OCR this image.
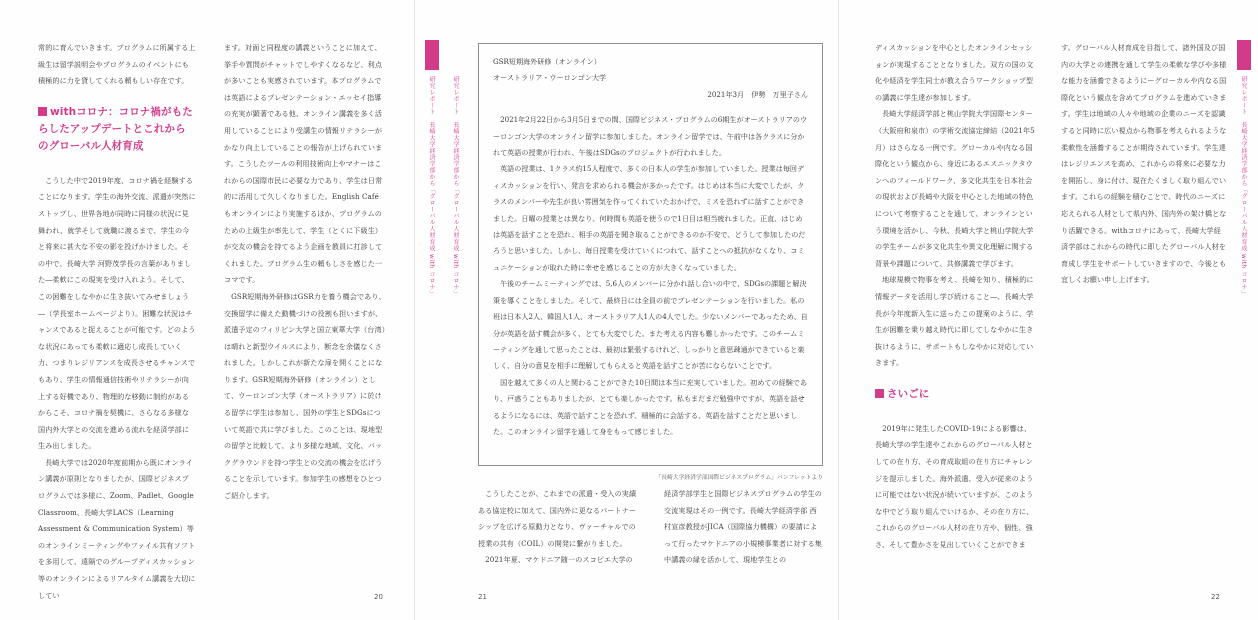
常的に育んでいきます。プログラムに所属する上級生は留学説明会やプログラムのイベントにも積極的に力を貸してくれる頼もしい存在です。

withコロナ：コロナ禍がもたらしたアップデートとこれからのグローバル人材育成

こうした中で2019年度、コロナ禍を経験することになります。学生の海外交流、派遣が突然にストップし、世界各地が同時に同様の状況に見舞われ、就学そして就職に渡るまで、学生の今と将来に甚大な不安の影を投げかけました。その中で、長崎大学 河野茂学長の言葉がありました―柔軟にこの現実を受け入れよう。そして、この困難をしなやかに生き抜いてみせましょう―（学長室ホームページより）。困難な状況はチャンスであると捉えることが可能です。どのような状況にあっても柔軟に適応し成長していく力、つまりレジリアンスを成長させるチャンスでもあり、学生の情報通信技術やリテラシーが向上する好機であり、物理的な移動に制約があるからこそ、コロナ禍を契機に、さらなる多様な国内外大学との交流を進める流れを経済学部に生み出しました。

長崎大学では2020年度前期から既にオンライン講義が原則となりましたが、国際ビジネスプログラムでは多様に、Zoom、Padlet、Google Classroom、長崎大学LACS（Learning Assessment & Communication System）等のオンラインミーティングやファイル共有ソフトを多用して、遠隔でのグループディスカッション等のオンラインによるリアルタイム講義を大切にしてい

ます。対面と同程度の講義ということに加えて、挙手や質問がチャットでしやすくなるなど、利点が多いことも実感されています。本プログラムでは英語によるプレゼンテーション・エッセイ指導の充実が顕著である他、オンライン講義を多く活用していることにより受講生の情報リテラシーがかなり向上していることの報告が上げられています。こうしたツールの利用技術向上やマナーはこれからの国際市民に必要な力であり、学生は日常的に活用して久しくなりました。English Caféもオンラインにより実施するほか、プログラムのための上級生が率先して、学生（とくに下級生）が交友の機会を持てるよう企画を教員に打診してくれました。プログラム生の頼もしさを感じた一コマです。

GSR短期海外研修はGSR力を養う機会であり、交換留学に備えた動機づけの役割も担いますが、派遣予定のフィリピン大学と国立東華大学（台湾）は晴れと新型ウイルスにより、断念を余儀なくされました。しかしこれが新たな扉を開くことになります。GSR短期海外研修（オンライン）として、ウーロンゴン大学（オーストラリア）に於ける留学に学生は参加し、国外の学生とSDGsについて英語で共に学びました。このことは、現地型の留学と比較して、より多様な地域、文化、バックグラウンドを持つ学生との交流の機会を広げうることを示しています。参加学生の感想をひとつご紹介します。

20
研究レポート　長崎大学経済学部から「グローバル人材育成 with コロナ」	研究レポート　長崎大学経済学部から「グローバル人材育成 with コロナ」
21

GSR短期海外研修（オンライン）

オーストラリア・ウーロンゴン大学

2021年3月　伊勢　万里子さん

2021年2月22日から3月5日までの間、国際ビジネス・プログラムの6期生がオーストラリアのウーロンゴン大学のオンライン留学に参加しました。オンライン留学では、午前中は各クラスに分かれて英語の授業が行われ、午後はSDGsのプロジェクトが行われました。

英語の授業は、1クラス約15人程度で、多くの日本人の学生が参加していました。授業は毎回ディスカッションを行い、発言を求められる機会が多かったです。はじめは本当に大変でしたが、クラスのメンバーや先生が良い雰囲気を作ってくれていたおかげで、ミスを恐れずに話すことができました。日曜の授業とは異なり、何時間も英語を使うので1日目は相当疲れました。正直、はじめは英語を話すことを恐れ、相手の英語を聞き取ることができるのか不安で、どうして参加したのだろうと思いました。しかし、毎日授業を受けていくにつれて、話すことへの抵抗がなくなり、コミュニケーションが取れた時に幸せを感じることの方が大きくなっていました。

午後のチームミーティングでは、5,6人のメンバーに分かれ話し合いの中で、SDGsの課題と解決策を導くことをしました。そして、最終日には全員の前でプレゼンテーションを行いました。私の班は日本人2人、韓国人1人、オーストラリア人1人の4人でした。少ないメンバーであったため、自分が英語を話す機会が多く、とても大変でした。また考える内容も難しかったです。このチームミーティングを通して思ったことは、最初は緊張するけれど、しっかりと意思疎通ができていると楽しく、自分の意見を相手に理解してもらえると英語を話すことが苦にならないことです。

国を越えて多くの人と関わることができた10日間は本当に充実していました。初めての経験であり、戸惑うこともありましたが、とても楽しかったです。私もまだまだ勉強中ですが、英語を話せるようになるには、英語で話すことを恐れず、積極的に会話する、英語を話すことだと思いました。このオンライン留学を通して身をもって感じました。

「長崎大学経済学部国際ビジネスプログラム」パンフレットより

こうしたことが、これまでの派遣・受入の実績ある協定校に加えて、国内外に更なるパートナーシップを広げる原動力となり、ヴァーチャルでの授業の共有（COIL）の開発に繋がりました。

2021年夏、マケドニア随一のスコピエ大学の

経済学部学生と国際ビジネスプログラムの学生の交流実現はその一例です。長崎大学経済学部 西村宣彦教授がJICA（国際協力機構）の要請によって行ったマケドニアの小規模事業者に対する集中講義の縁を活かして、現地学生との

ディスカッションを中心としたオンラインセッションが実現することとなりました。双方の国の文化や経済を学生同士が教え合うワークショップ型の講義に学生達が参加します。

長崎大学経済学部と桃山学院大学国際センター（大阪府和泉市）の学術交流協定締結（2021年5月）はさらなる一例です。グローカルや内なる国際化という観点から、身近にあるエスニックタウンへのフィールドワーク、多文化共生を日本社会の現状および長崎や大阪を中心とした地域の特色について考察することを通して、オンラインという環境を活かし、今秋、長崎大学と桃山学院大学の学生チームが多文化共生や異文化理解に関する背景や課題について、共修講義で学びます。

地球規模で物事を考え、長崎を知り、積極的に情報データを活用し学び続けること―、長崎大学長が今年度新入生に送ったこの提案のように、学生が困難を乗り越え時代に即してしなやかに生き抜けるように、サポートもしなやかに対応していきます。

さいごに

2019年に発生したCOVID-19による影響は、長崎大学の学生達やこれからのグローバル人材としての在り方、その育成取組の在り方にチャレンジを提示しました。海外派遣、受入が従来のように可能ではない状況が続いていますが、このような中でどう取り組んでいけるか、その在り方に、これからのグローバル人材の在り方や、個性、強さ、そして豊かさを見出していくことができま

す。グローバル人材育成を目指して、諸外国及び国内の大学との連携を通して学生の柔軟な学びや多様な能力を涵養できるようにーグローカルや内なる国際化という観点を含めてプログラムを進めていきます。学生は地域の人々や地域の企業のニーズを認識すると同時に広い視点から物事を考えられるような柔軟性を涵養することが期待されています。学生達はレジリエンスを高め、これからの将来に必要な力を開拓し、身に付け、現在たくましく取り組んでいます。これらの経験を積むことで、時代のニーズに応えられる人材として県内外、国内外の架け橋となり活躍できる。withコロナにあって、長崎大学経済学部はこれからの時代に即したグローバル人材を育成し学生をサポートしていきますので、今後とも宜しくお願い申し上げます。	研究レポート　長崎大学経済学部から「グローバル人材育成 with コロナ」
22
